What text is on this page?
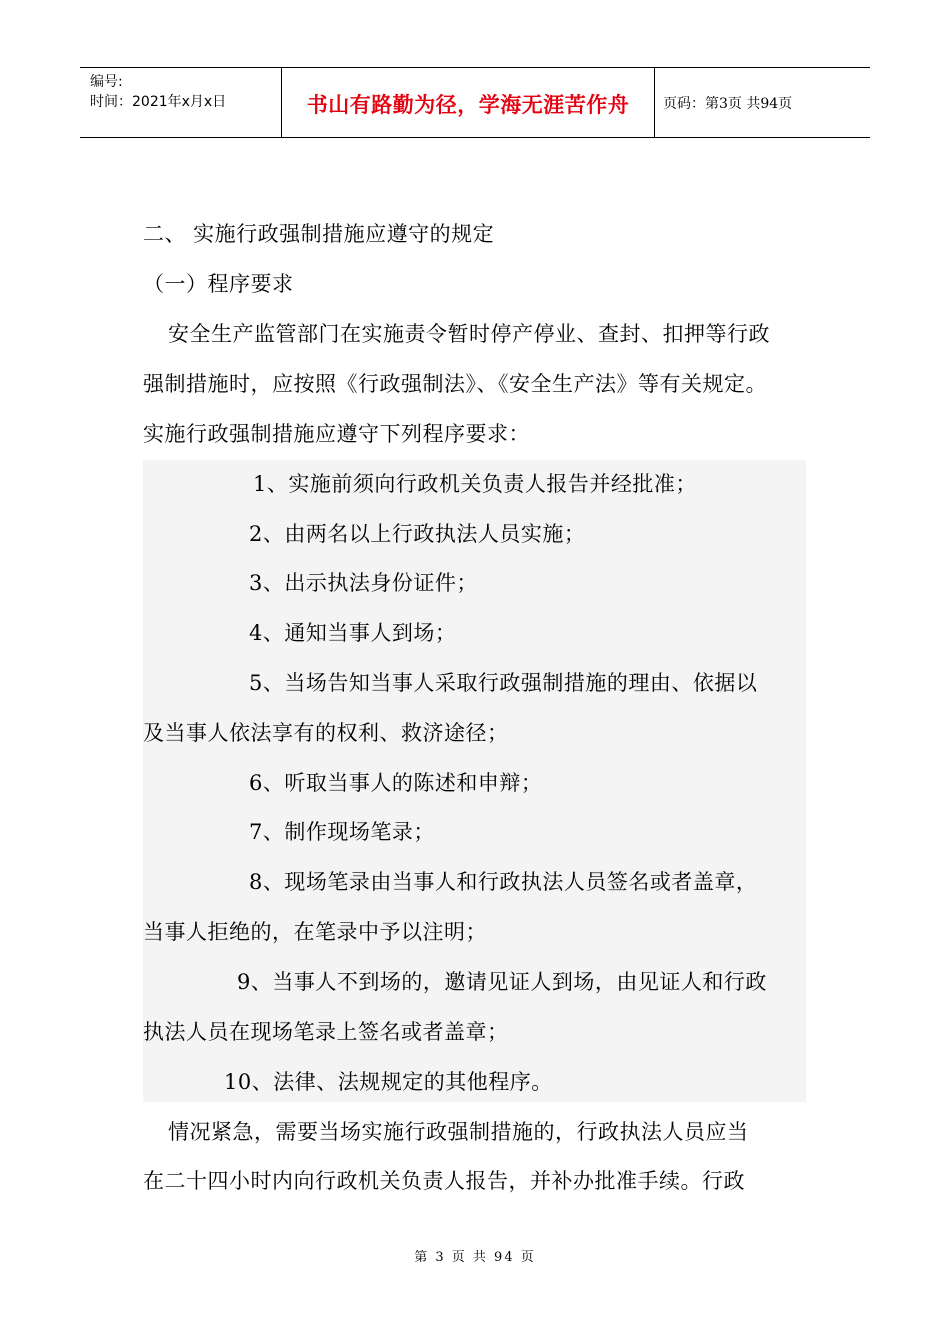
编号:
时间：2021年x月x日	书山有路勤为径，学海无涯苦作舟 页码：第3页 共94页
二、 实施行政强制措施应遵守的规定
（一）程序要求
安全生产监管部门在实施责令暂时停产停业、查封、扣押等行政
强制措施时，应按照《行政强制法》、《安全生产法》等有关规定。
实施行政强制措施应遵守下列程序要求：
1、实施前须向行政机关负责人报告并经批准；
2、由两名以上行政执法人员实施；
3、出示执法身份证件；
4、通知当事人到场；
5、当场告知当事人采取行政强制措施的理由、依据以
及当事人依法享有的权利、救济途径；
6、听取当事人的陈述和申辩；
7、制作现场笔录；
8、现场笔录由当事人和行政执法人员签名或者盖章，
当事人拒绝的，在笔录中予以注明；
9、当事人不到场的，邀请见证人到场，由见证人和行政
执法人员在现场笔录上签名或者盖章；
10、法律、法规规定的其他程序。
情况紧急，需要当场实施行政强制措施的，行政执法人员应当
在二十四小时内向行政机关负责人报告，并补办批准手续。行政
第 3 页 共 94 页
